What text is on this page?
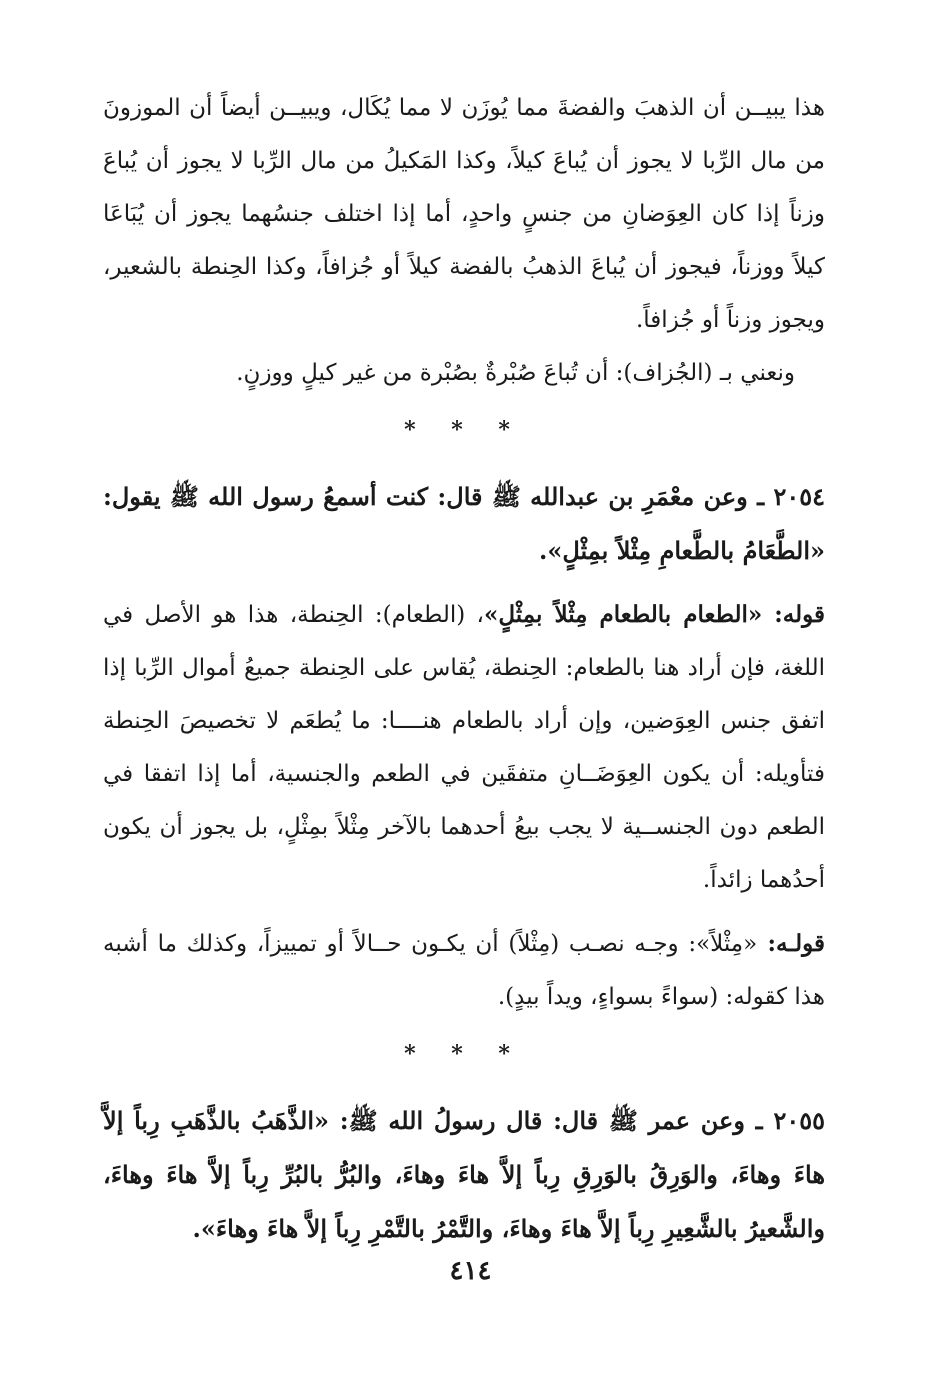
هذا يبيــن أن الذهبَ والفضةَ مما يُوزَن لا مما يُكَال، ويبيــن أيضاً أن الموزونَ من مال الرِّبا لا يجوز أن يُباعَ كيلاً، وكذا المَكيلُ من مال الرِّبا لا يجوز أن يُباعَ وزناً إذا كان العِوَضانِ من جنسٍ واحدٍ، أما إذا اختلف جنسُهما يجوز أن يُبَاعَا كيلاً ووزناً، فيجوز أن يُباعَ الذهبُ بالفضة كيلاً أو جُزافاً، وكذا الحِنطة بالشعير، ويجوز وزناً أو جُزافاً.

ونعني بـ (الجُزاف): أن تُباعَ صُبْرةٌ بصُبْرة من غير كيلٍ ووزنٍ.

* * *

٢٠٥٤ ـ وعن معْمَرِ بن عبدالله ﷺ قال: كنت أسمعُ رسول الله ﷺ يقول: «الطَّعَامُ بالطَّعامِ مِثْلاً بمِثْلٍ».

قوله: «الطعام بالطعام مِثْلاً بمِثْلٍ»، (الطعام): الحِنطة، هذا هو الأصل في اللغة، فإن أراد هنا بالطعام: الحِنطة، يُقاس على الحِنطة جميعُ أموال الرِّبا إذا اتفق جنس العِوَضين، وإن أراد بالطعام هنــــا: ما يُطعَم لا تخصيصَ الحِنطة فتأويله: أن يكون العِوَضَــانِ متفقَين في الطعم والجنسية، أما إذا اتفقا في الطعم دون الجنســية لا يجب بيعُ أحدهما بالآخر مِثْلاً بمِثْلٍ، بل يجوز أن يكون أحدُهما زائداً.

قولـه: «مِثْلاً»: وجـه نصـب (مِثْلاً) أن يكـون حــالاً أو تمييزاً، وكذلك ما أشبه هذا كقوله: (سواءً بسواءٍ، ويداً بيدٍ).

* * *

٢٠٥٥ ـ وعن عمر ﷺ قال: قال رسولُ الله ﷺ: «الذَّهَبُ بالذَّهَبِ رِباً إلاَّ هاءَ وهاءَ، والوَرِقُ بالوَرِقِ رِباً إلاَّ هاءَ وهاءَ، والبُرُّ بالبُرِّ رِباً إلاَّ هاءَ وهاءَ، والشَّعيرُ بالشَّعِيرِ رِباً إلاَّ هاءَ وهاءَ، والتَّمْرُ بالتَّمْرِ رِباً إلاَّ هاءَ وهاءَ».

٤١٤
